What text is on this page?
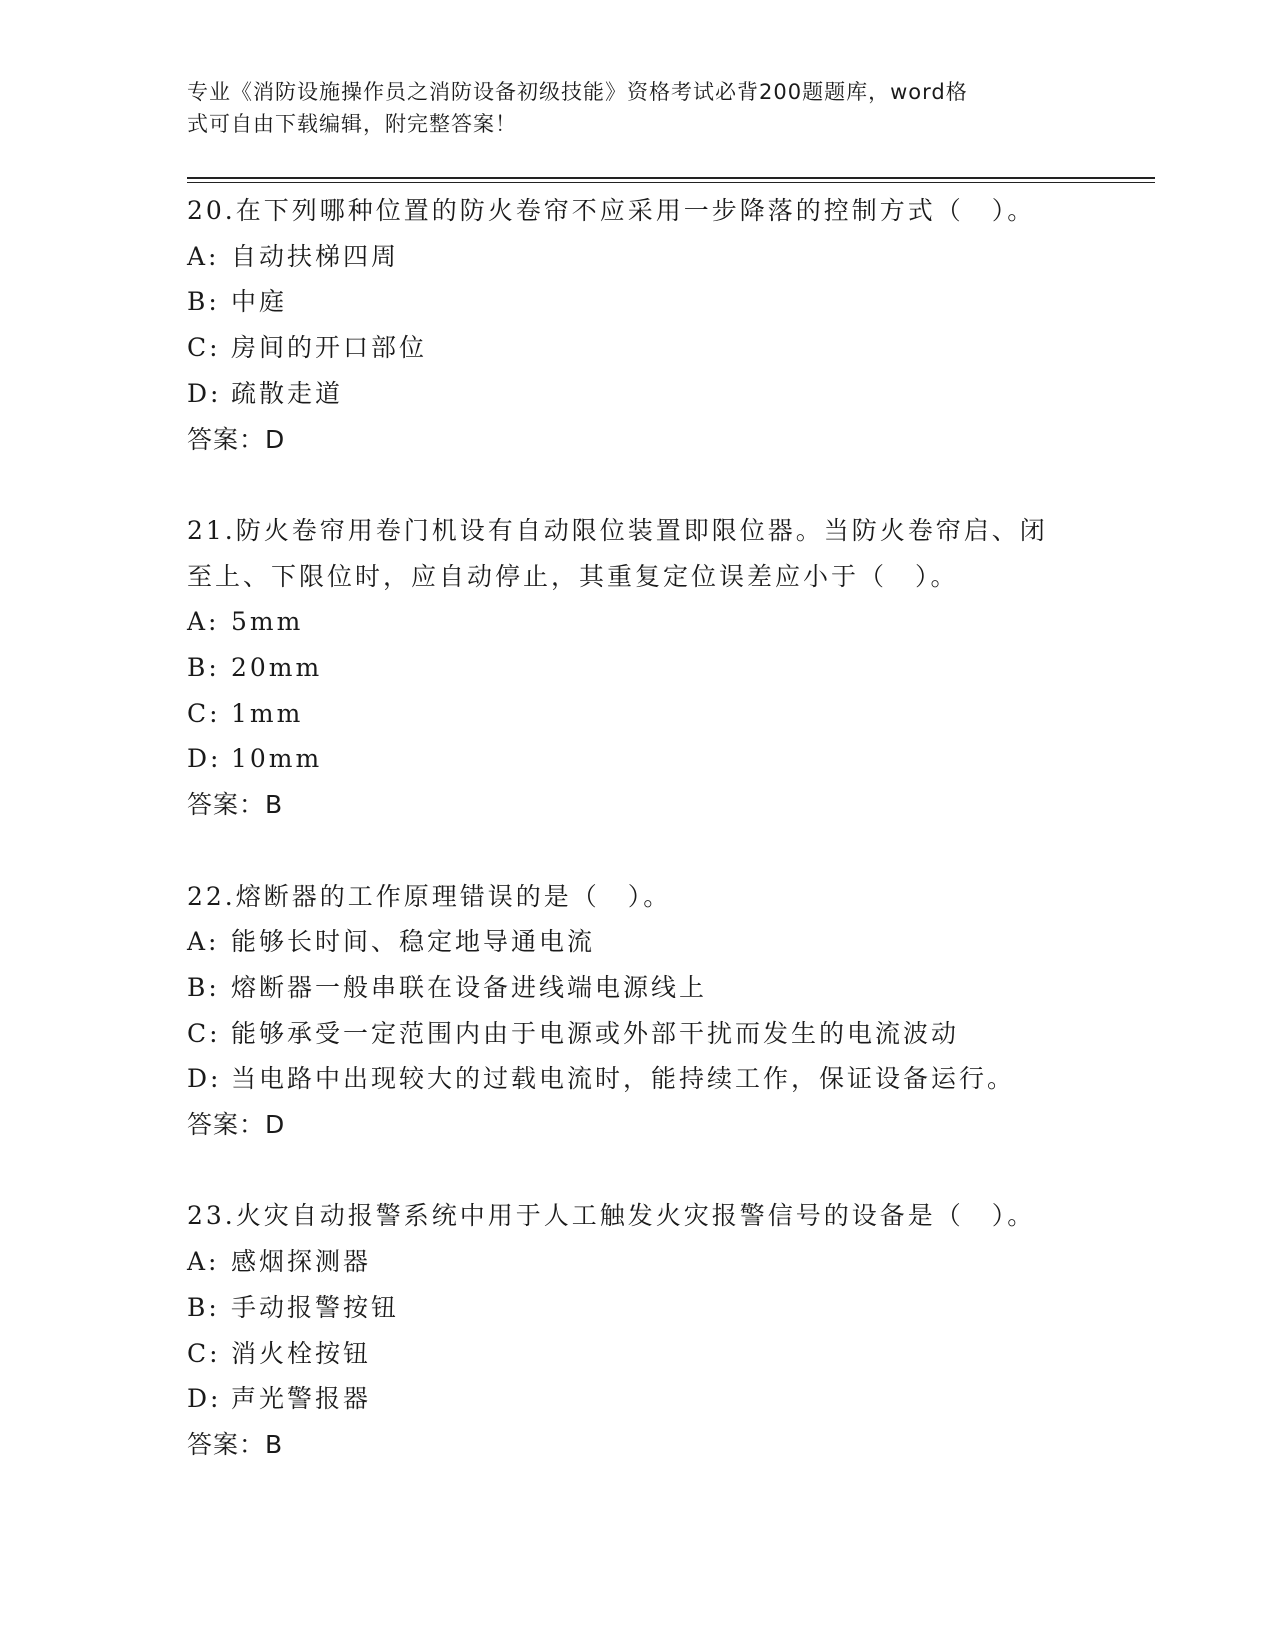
专业《消防设施操作员之消防设备初级技能》资格考试必背200题题库，word格
式可自由下载编辑，附完整答案！
20.在下列哪种位置的防火卷帘不应采用一步降落的控制方式（　）。
A: 自动扶梯四周
B: 中庭
C: 房间的开口部位
D: 疏散走道
答案：D
21.防火卷帘用卷门机设有自动限位装置即限位器。当防火卷帘启、闭
至上、下限位时，应自动停止，其重复定位误差应小于（　）。
A: 5mm
B: 20mm
C: 1mm
D: 10mm
答案：B
22.熔断器的工作原理错误的是（　）。
A: 能够长时间、稳定地导通电流
B: 熔断器一般串联在设备进线端电源线上
C: 能够承受一定范围内由于电源或外部干扰而发生的电流波动
D: 当电路中出现较大的过载电流时，能持续工作，保证设备运行。
答案：D
23.火灾自动报警系统中用于人工触发火灾报警信号的设备是（　）。
A: 感烟探测器
B: 手动报警按钮
C: 消火栓按钮
D: 声光警报器
答案：B
